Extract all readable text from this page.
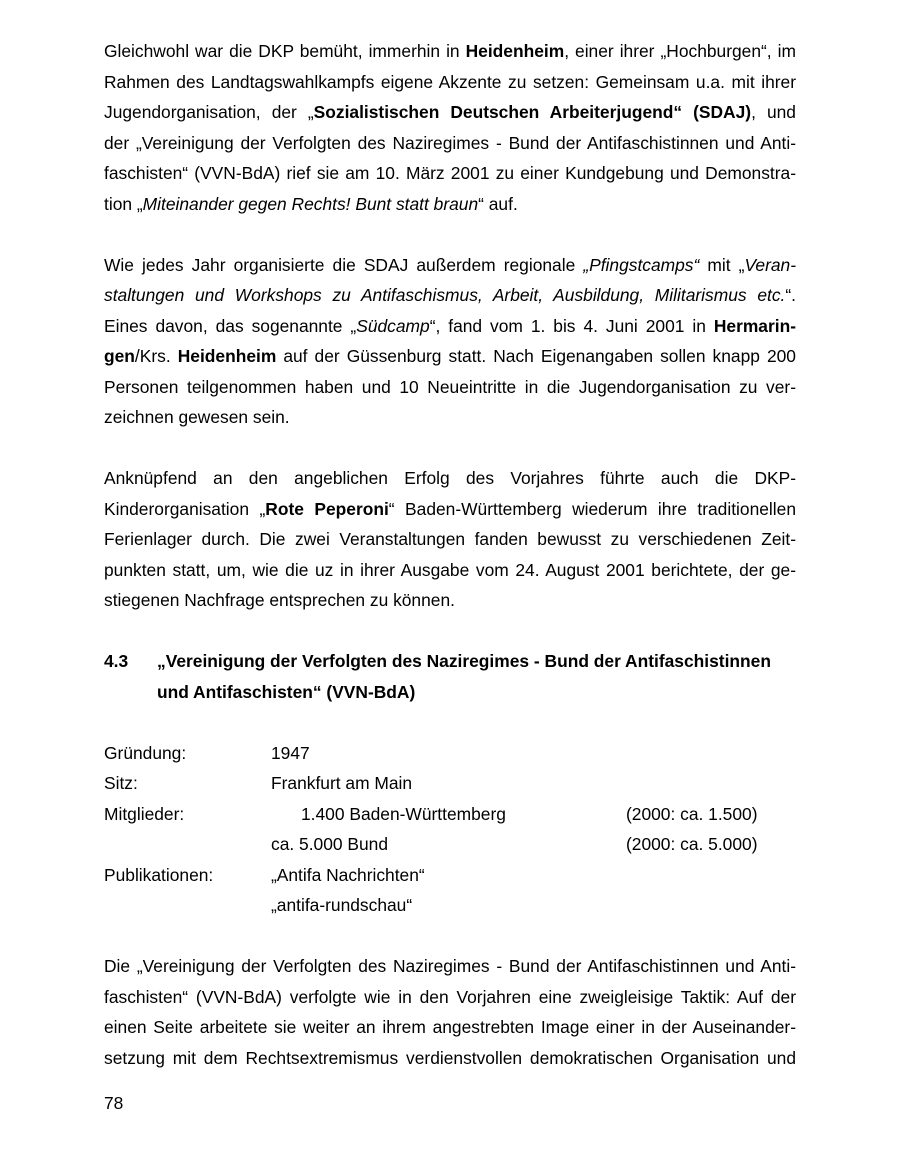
Gleichwohl war die DKP bemüht, immerhin in Heidenheim, einer ihrer „Hochburgen“, im
Rahmen des Landtagswahlkampfs eigene Akzente zu setzen: Gemeinsam u.a. mit ihrer
Jugendorganisation, der „Sozialistischen Deutschen Arbeiterjugend“ (SDAJ), und
der „Vereinigung der Verfolgten des Naziregimes - Bund der Antifaschistinnen und Anti-
faschisten“ (VVN-BdA) rief sie am 10. März 2001 zu einer Kundgebung und Demonstra-
tion „Miteinander gegen Rechts! Bunt statt braun“ auf.
Wie jedes Jahr organisierte die SDAJ außerdem regionale „Pfingstcamps“ mit „Veran-
staltungen und Workshops zu Antifaschismus, Arbeit, Ausbildung, Militarismus etc.“.
Eines davon, das sogenannte „Südcamp“, fand vom 1. bis 4. Juni 2001 in Hermarin-
gen/Krs. Heidenheim auf der Güssenburg statt. Nach Eigenangaben sollen knapp 200
Personen teilgenommen haben und 10 Neueintritte in die Jugendorganisation zu ver-
zeichnen gewesen sein.
Anknüpfend an den angeblichen Erfolg des Vorjahres führte auch die DKP-
Kinderorganisation „Rote Peperoni“ Baden-Württemberg wiederum ihre traditionellen
Ferienlager durch. Die zwei Veranstaltungen fanden bewusst zu verschiedenen Zeit-
punkten statt, um, wie die uz in ihrer Ausgabe vom 24. August 2001 berichtete, der ge-
stiegenen Nachfrage entsprechen zu können.
4.3 „Vereinigung der Verfolgten des Naziregimes - Bund der Antifaschistinnen
und Antifaschisten“ (VVN-BdA)
Gründung:	1947
Sitz:	Frankfurt am Main
Mitglieder:	1.400 Baden-Württemberg	(2000: ca. 1.500)
ca. 5.000 Bund	(2000: ca. 5.000)
Publikationen:	„Antifa Nachrichten“
„antifa-rundschau“
Die „Vereinigung der Verfolgten des Naziregimes - Bund der Antifaschistinnen und Anti-
faschisten“ (VVN-BdA) verfolgte wie in den Vorjahren eine zweigleisige Taktik: Auf der
einen Seite arbeitete sie weiter an ihrem angestrebten Image einer in der Auseinander-
setzung mit dem Rechtsextremismus verdienstvollen demokratischen Organisation und
78
